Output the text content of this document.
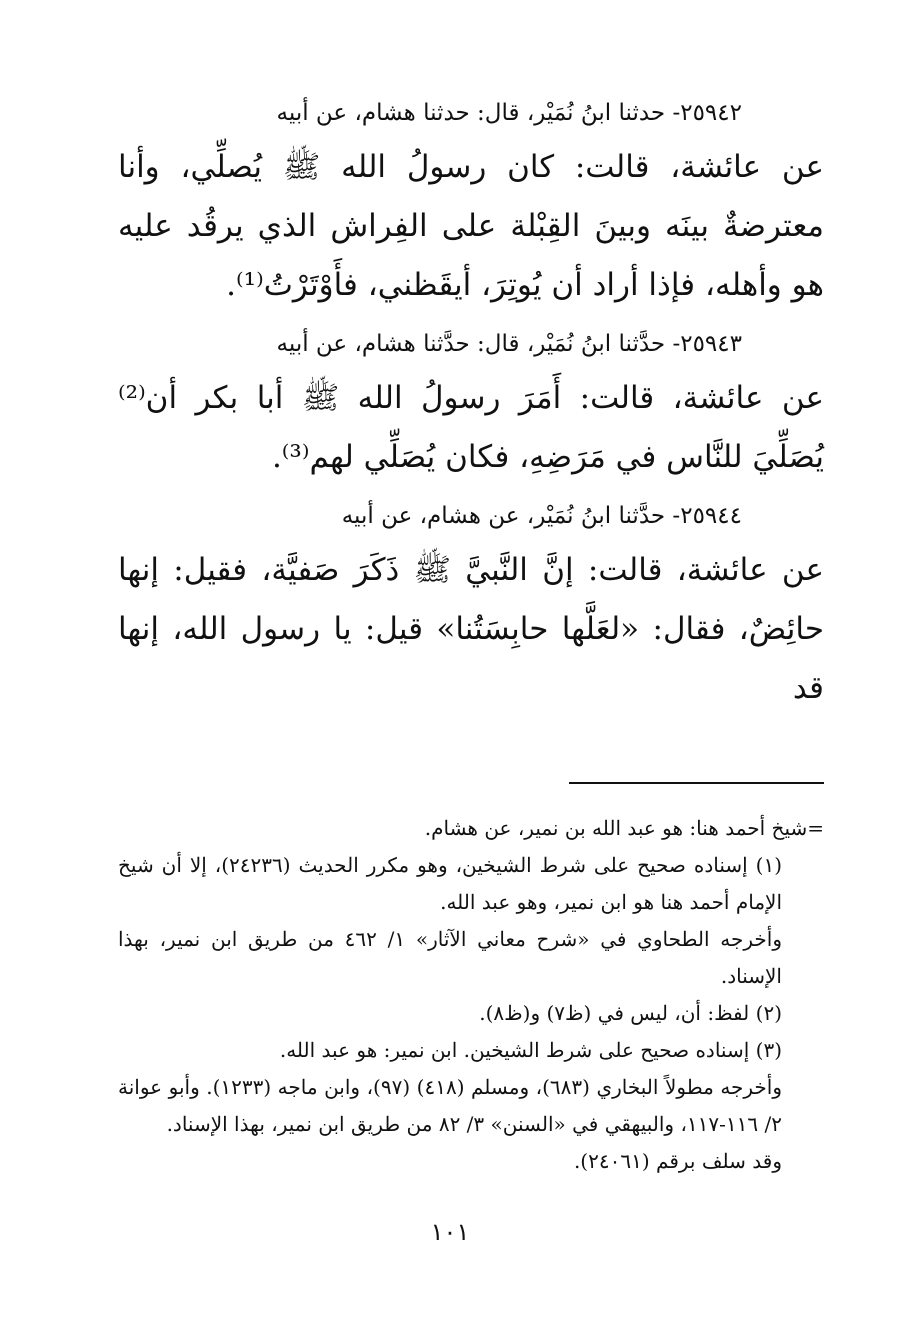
٢٥٩٤٢- حدثنا ابنُ نُمَيْر، قال: حدثنا هشام، عن أبيه

عن عائشة، قالت: كان رسولُ الله ﷺ يُصلِّي، وأنا معترضةٌ بينَه وبينَ القِبْلة على الفِراش الذي يرقُد عليه هو وأهله، فإذا أراد أن يُوتِرَ، أيقَظني، فأَوْتَرْتُ⁽¹⁾.

٢٥٩٤٣- حدَّثنا ابنُ نُمَيْر، قال: حدَّثنا هشام، عن أبيه

عن عائشة، قالت: أَمَرَ رسولُ الله ﷺ أبا بكر أن⁽²⁾ يُصَلِّيَ للنَّاس في مَرَضِهِ، فكان يُصَلِّي لهم⁽³⁾.

٢٥٩٤٤- حدَّثنا ابنُ نُمَيْر، عن هشام، عن أبيه

عن عائشة، قالت: إنَّ النَّبيَّ ﷺ ذَكَرَ صَفيَّة، فقيل: إنها حائِضٌ، فقال: «لعَلَّها حابِسَتُنا» قيل: يا رسول الله، إنها قد

=شيخ أحمد هنا: هو عبد الله بن نمير، عن هشام.

(١) إسناده صحيح على شرط الشيخين، وهو مكرر الحديث (٢٤٢٣٦)، إلا أن شيخ الإمام أحمد هنا هو ابن نمير، وهو عبد الله.

وأخرجه الطحاوي في «شرح معاني الآثار» ١/ ٤٦٢ من طريق ابن نمير، بهذا الإسناد.

(٢) لفظ: أن، ليس في (ظ٧) و(ظ٨).

(٣) إسناده صحيح على شرط الشيخين. ابن نمير: هو عبد الله.

وأخرجه مطولاً البخاري (٦٨٣)، ومسلم (٤١٨) (٩٧)، وابن ماجه (١٢٣٣). وأبو عوانة ٢/ ١١٦-١١٧، والبيهقي في «السنن» ٣/ ٨٢ من طريق ابن نمير، بهذا الإسناد.

وقد سلف برقم (٢٤٠٦١).

١٠١
